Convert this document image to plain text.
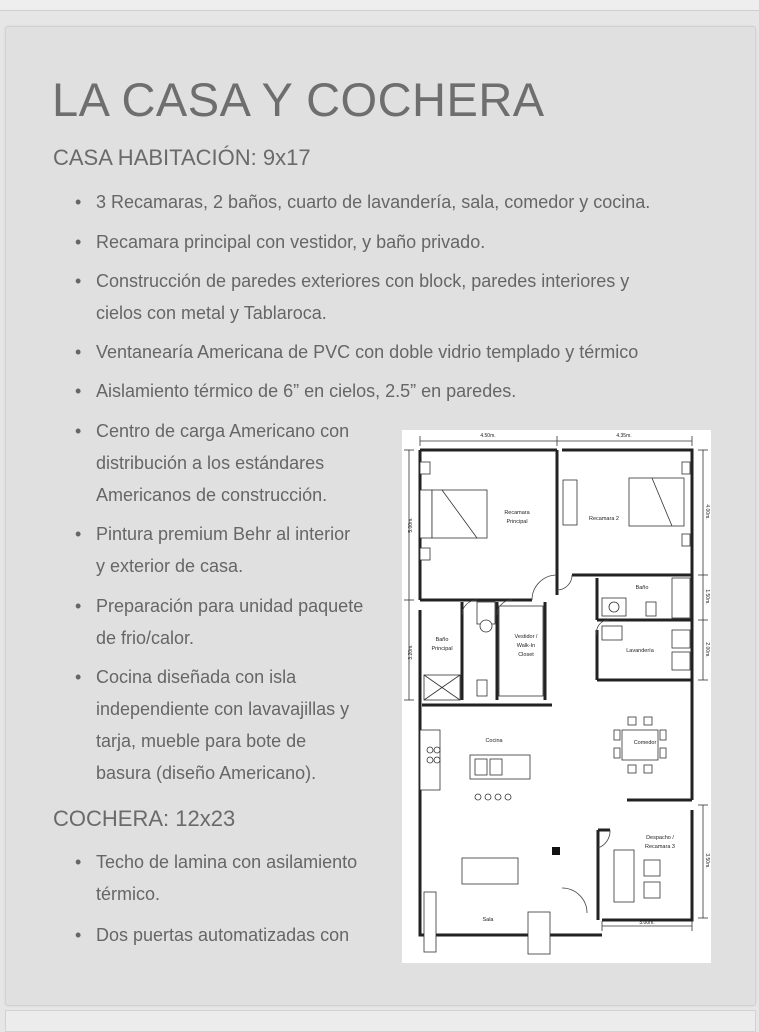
LA CASA Y COCHERA
CASA HABITACIÓN: 9x17
• 3 Recamaras, 2 baños, cuarto de lavandería, sala, comedor y cocina.
• Recamara principal con vestidor, y baño privado.
• Construcción de paredes exteriores con block, paredes interiores y
cielos con metal y Tablaroca.
• Ventanearía Americana de PVC con doble vidrio templado y térmico
• Aislamiento térmico de 6” en cielos, 2.5” en paredes.
• Centro de carga Americano con
distribución a los estándares
Americanos de construcción.
• Pintura premium Behr al interior
y exterior de casa.
• Preparación para unidad paquete
de frio/calor.
• Cocina diseñada con isla
independiente con lavavajillas y
tarja, mueble para bote de
basura (diseño Americano).
COCHERA: 12x23
• Techo de lamina con asilamiento
térmico.
• Dos puertas automatizadas con
4.50m.	4.35m.
5.00m.
3.20m.
4.00m.
1.50m.
2.00m.
3.50m.
3.00m.
Recamara
Principal	Recamara 2
Baño
Baño
Principal
Vestidor /
Walk-In
Closet
Lavandería
Comedor
Cocina
Despacho /
Recamara 3
Sala
